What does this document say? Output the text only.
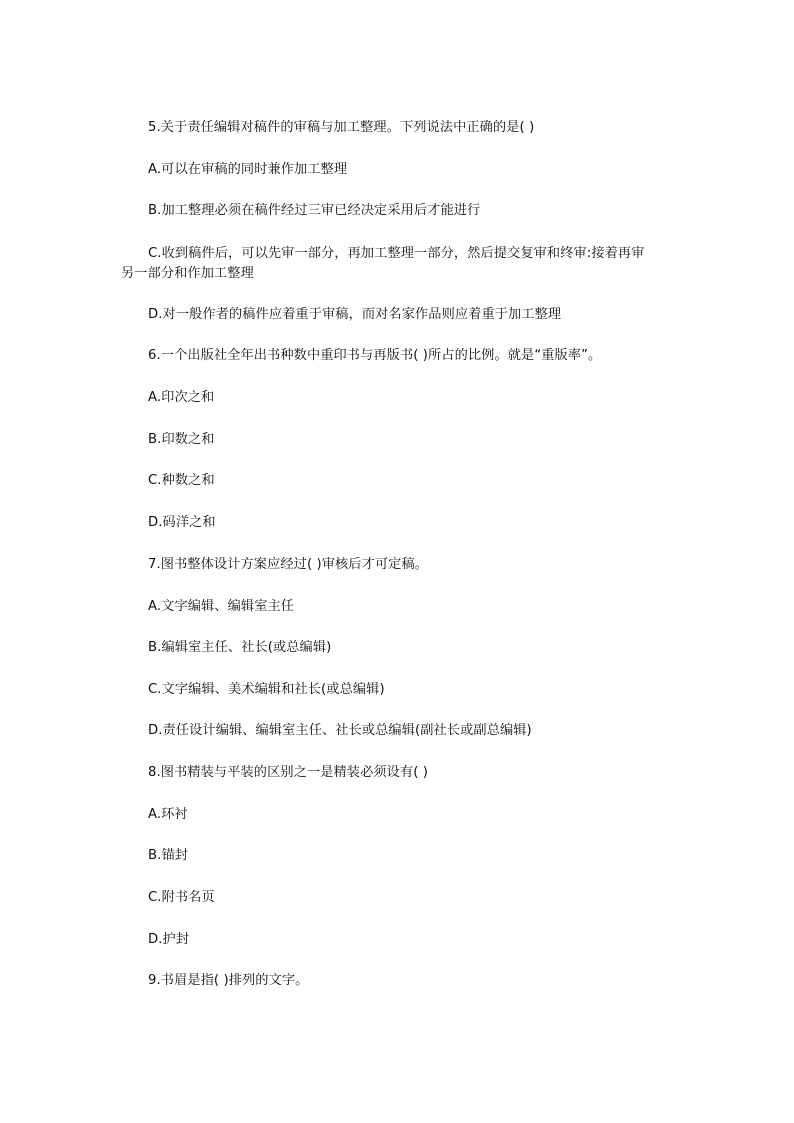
5.关于责任编辑对稿件的审稿与加工整理。下列说法中正确的是( )
A.可以在审稿的同时兼作加工整理
B.加工整理必须在稿件经过三审已经决定采用后才能进行
C.收到稿件后，可以先审一部分，再加工整理一部分，然后提交复审和终审:接着再审
另一部分和作加工整理
D.对一般作者的稿件应着重于审稿，而对名家作品则应着重于加工整理
6.一个出版社全年出书种数中重印书与再版书( )所占的比例。就是“重版率”。
A.印次之和
B.印数之和
C.种数之和
D.码洋之和
7.图书整体设计方案应经过( )审核后才可定稿。
A.文字编辑、编辑室主任
B.编辑室主任、社长(或总编辑)
C.文字编辑、美术编辑和社长(或总编辑)
D.责任设计编辑、编辑室主任、社长或总编辑(副社长或副总编辑)
8.图书精装与平装的区别之一是精装必须设有( )
A.环衬
B.锚封
C.附书名页
D.护封
9.书眉是指( )排列的文字。
